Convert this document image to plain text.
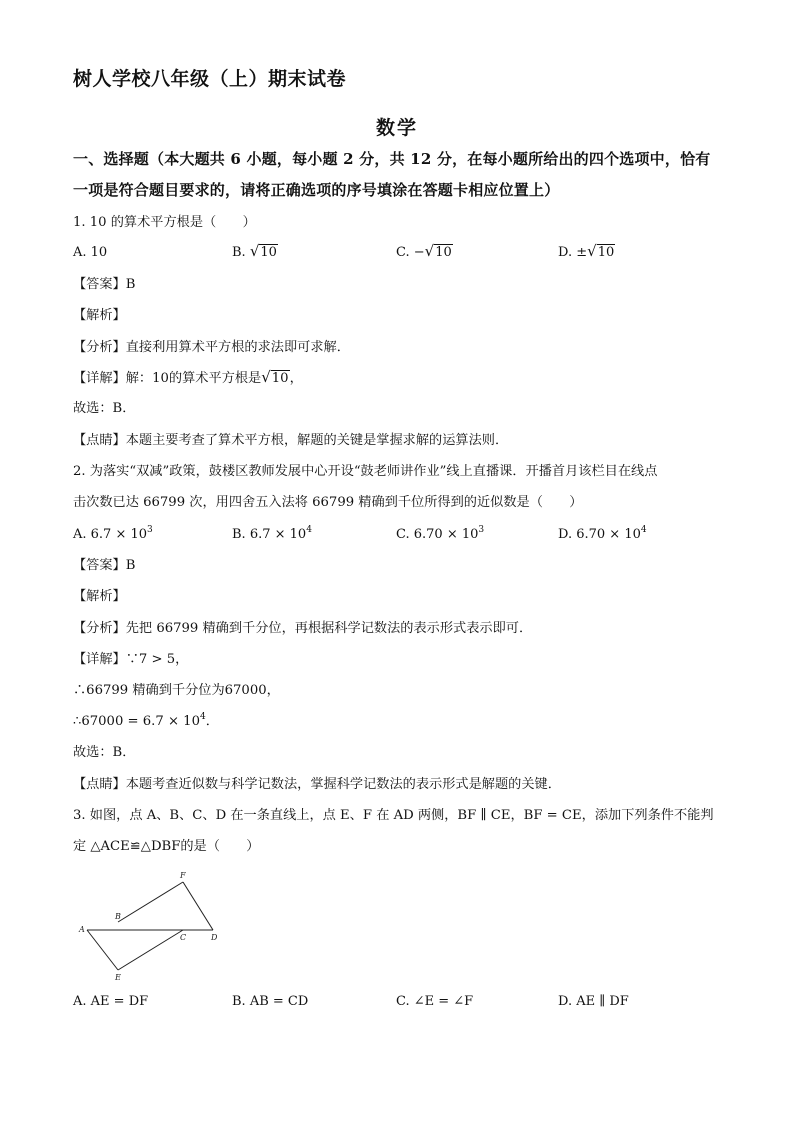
树人学校八年级（上）期末试卷
数学
一、选择题（本大题共 6 小题，每小题 2 分，共 12 分，在每小题所给出的四个选项中，恰有
一项是符合题目要求的，请将正确选项的序号填涂在答题卡相应位置上）
1. 10 的算术平方根是（　　）
A. 10	B. √10	C. −√10	D. ±√10
【答案】B
【解析】
【分析】直接利用算术平方根的求法即可求解．
【详解】解：10的算术平方根是√10，
故选：B．
【点睛】本题主要考查了算术平方根，解题的关键是掌握求解的运算法则．
2. 为落实“双减”政策，鼓楼区教师发展中心开设“鼓老师讲作业”线上直播课．开播首月该栏目在线点
击次数已达 66799 次，用四舍五入法将 66799 精确到千位所得到的近似数是（　　）
A. $6.7 \times 10^3$	B. $6.7 \times 10^4$	C. $6.70 \times 10^3$	D. $6.70 \times 10^4$
【答案】B
【解析】
【分析】先把 66799 精确到千分位，再根据科学记数法的表示形式表示即可．
【详解】∵7 > 5，
∴66799 精确到千分位为67000，
∴67000 = $6.7 \times 10^4$．
故选：B．
【点睛】本题考查近似数与科学记数法，掌握科学记数法的表示形式是解题的关键．
3. 如图，点 A、B、C、D 在一条直线上，点 E、F 在 AD 两侧，BF ∥ CE，BF = CE，添加下列条件不能判
定 △ACE≌△DBF的是（　　）
F
B
A
C	D
E
A. AE = DF	B. AB = CD	C. ∠E = ∠F	D. AE ∥ DF
